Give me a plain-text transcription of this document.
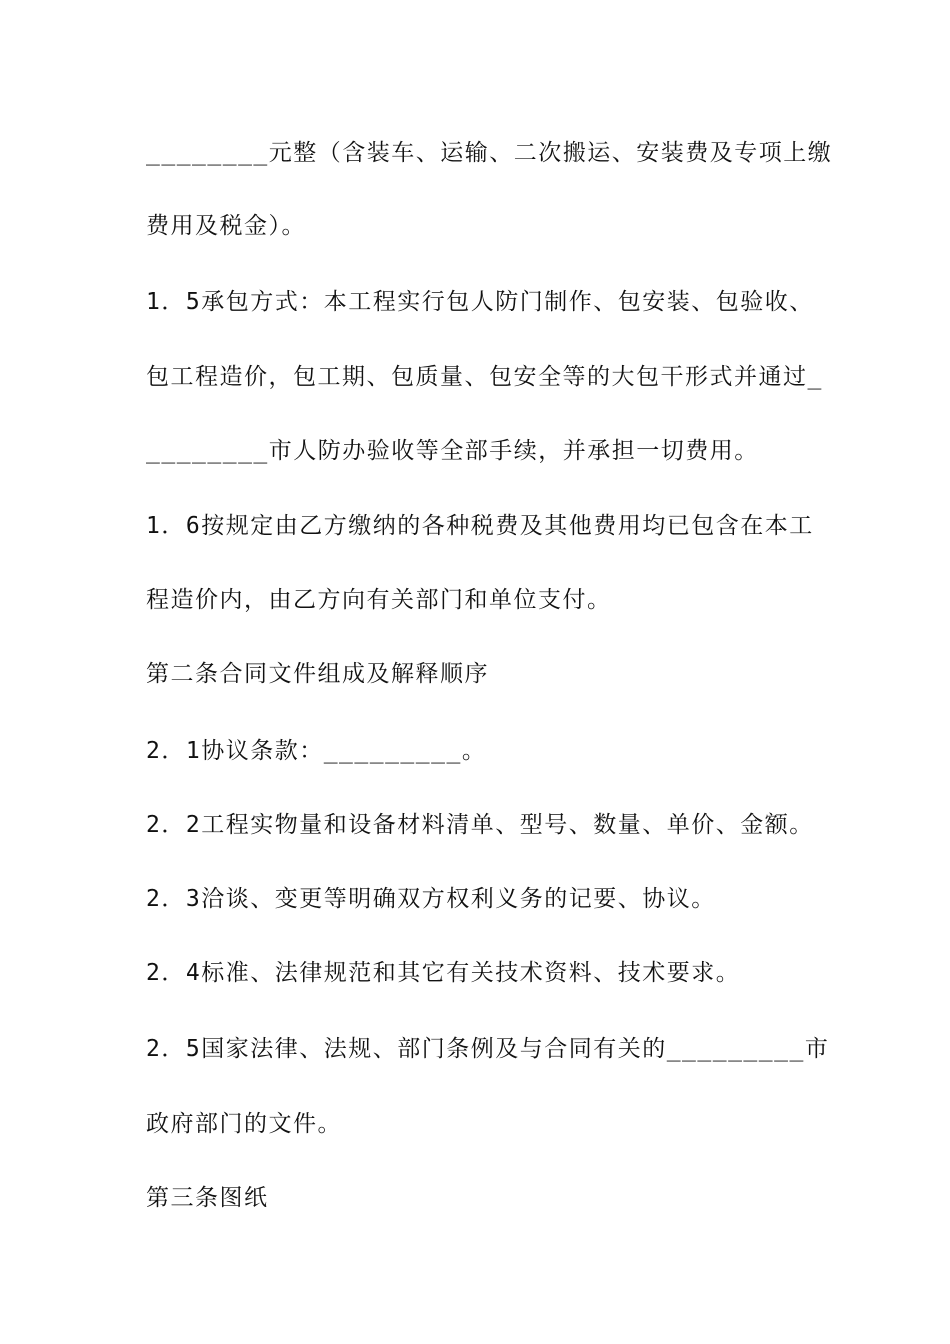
________元整（含装车、运输、二次搬运、安装费及专项上缴
费用及税金）。
1．5承包方式：本工程实行包人防门制作、包安装、包验收、
包工程造价，包工期、包质量、包安全等的大包干形式并通过_
________市人防办验收等全部手续，并承担一切费用。
1．6按规定由乙方缴纳的各种税费及其他费用均已包含在本工
程造价内，由乙方向有关部门和单位支付。
第二条合同文件组成及解释顺序
2．1协议条款：_________。
2．2工程实物量和设备材料清单、型号、数量、单价、金额。
2．3洽谈、变更等明确双方权利义务的记要、协议。
2．4标准、法律规范和其它有关技术资料、技术要求。
2．5国家法律、法规、部门条例及与合同有关的_________市
政府部门的文件。
第三条图纸
